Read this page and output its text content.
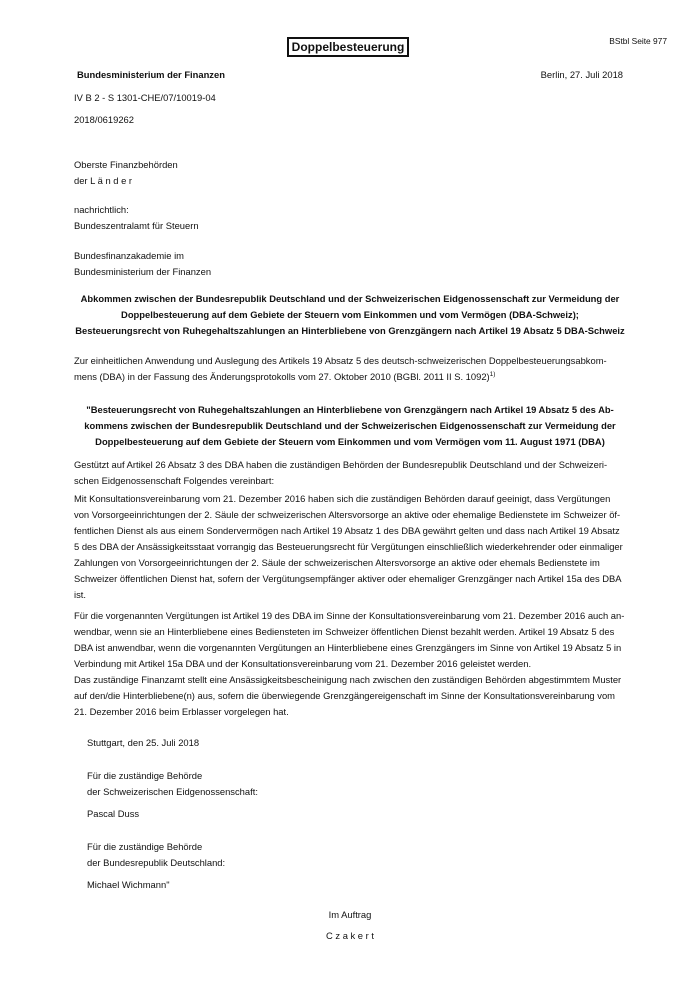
Doppelbesteuerung	BStbl Seite 977
Bundesministerium der Finanzen	Berlin, 27. Juli 2018
IV B 2 - S 1301-CHE/07/10019-04
2018/0619262
Oberste Finanzbehörden
der L ä n d e r
nachrichtlich:
Bundeszentralamt für Steuern
Bundesfinanzakademie im
Bundesministerium der Finanzen
Abkommen zwischen der Bundesrepublik Deutschland und der Schweizerischen Eidgenossenschaft zur Vermeidung der
Doppelbesteuerung auf dem Gebiete der Steuern vom Einkommen und vom Vermögen (DBA-Schweiz);
Besteuerungsrecht von Ruhegehaltszahlungen an Hinterbliebene von Grenzgängern nach Artikel 19 Absatz 5 DBA-Schweiz
Zur einheitlichen Anwendung und Auslegung des Artikels 19 Absatz 5 des deutsch-schweizerischen Doppelbesteuerungsabkom-
mens (DBA) in der Fassung des Änderungsprotokolls vom 27. Oktober 2010 (BGBl. 2011 II S. 1092)$^{1)}$
"Besteuerungsrecht von Ruhegehaltszahlungen an Hinterbliebene von Grenzgängern nach Artikel 19 Absatz 5 des Ab-
kommens zwischen der Bundesrepublik Deutschland und der Schweizerischen Eidgenossenschaft zur Vermeidung der
Doppelbesteuerung auf dem Gebiete der Steuern vom Einkommen und vom Vermögen vom 11. August 1971 (DBA)
Gestützt auf Artikel 26 Absatz 3 des DBA haben die zuständigen Behörden der Bundesrepublik Deutschland und der Schweizeri-
schen Eidgenossenschaft Folgendes vereinbart:
Mit Konsultationsvereinbarung vom 21. Dezember 2016 haben sich die zuständigen Behörden darauf geeinigt, dass Vergütungen
von Vorsorgeeinrichtungen der 2. Säule der schweizerischen Altersvorsorge an aktive oder ehemalige Bedienstete im Schweizer öf-
fentlichen Dienst als aus einem Sondervermögen nach Artikel 19 Absatz 1 des DBA gewährt gelten und dass nach Artikel 19 Absatz
5 des DBA der Ansässigkeitsstaat vorrangig das Besteuerungsrecht für Vergütungen einschließlich wiederkehrender oder einmaliger
Zahlungen von Vorsorgeeinrichtungen der 2. Säule der schweizerischen Altersvorsorge an aktive oder ehemals Bedienstete im
Schweizer öffentlichen Dienst hat, sofern der Vergütungsempfänger aktiver oder ehemaliger Grenzgänger nach Artikel 15a des DBA
ist.
Für die vorgenannten Vergütungen ist Artikel 19 des DBA im Sinne der Konsultationsvereinbarung vom 21. Dezember 2016 auch an-
wendbar, wenn sie an Hinterbliebene eines Bediensteten im Schweizer öffentlichen Dienst bezahlt werden. Artikel 19 Absatz 5 des
DBA ist anwendbar, wenn die vorgenannten Vergütungen an Hinterbliebene eines Grenzgängers im Sinne von Artikel 19 Absatz 5 in
Verbindung mit Artikel 15a DBA und der Konsultationsvereinbarung vom 21. Dezember 2016 geleistet werden.
Das zuständige Finanzamt stellt eine Ansässigkeitsbescheinigung nach zwischen den zuständigen Behörden abgestimmtem Muster
auf den/die Hinterbliebene(n) aus, sofern die überwiegende Grenzgängereigenschaft im Sinne der Konsultationsvereinbarung vom
21. Dezember 2016 beim Erblasser vorgelegen hat.
Stuttgart, den 25. Juli 2018
Für die zuständige Behörde
der Schweizerischen Eidgenossenschaft:
Pascal Duss
Für die zuständige Behörde
der Bundesrepublik Deutschland:
Michael Wichmann"
Im Auftrag
C z a k e r t
